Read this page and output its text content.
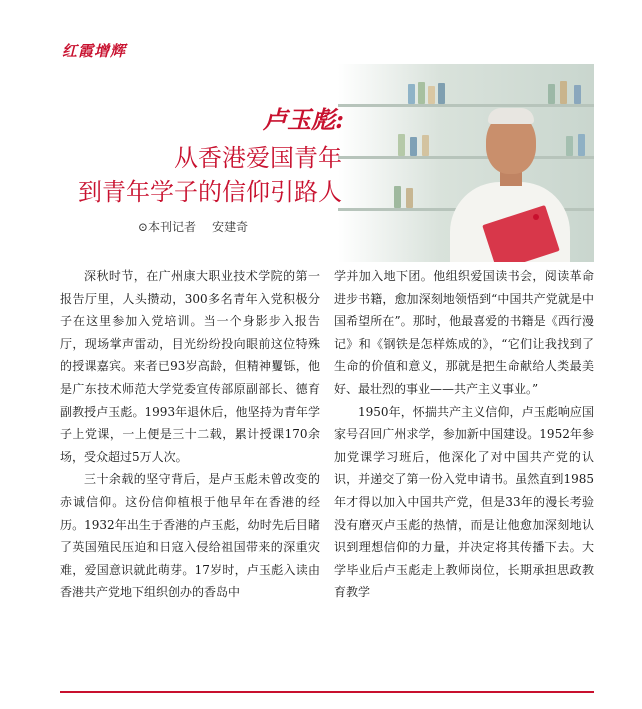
红霞增辉
卢玉彪:
从香港爱国青年
到青年学子的信仰引路人
⊙本刊记者 安建奇

深秋时节，在广州康大职业技术学院的第一报告厅里，人头攒动，300多名青年入党积极分子在这里参加入党培训。当一个身影步入报告厅，现场掌声雷动，目光纷纷投向眼前这位特殊的授课嘉宾。来者已93岁高龄，但精神矍铄，他是广东技术师范大学党委宣传部原副部长、德育副教授卢玉彪。1993年退休后，他坚持为青年学子上党课，一上便是三十二载，累计授课170余场，受众超过5万人次。

三十余载的坚守背后，是卢玉彪未曾改变的赤诚信仰。这份信仰植根于他早年在香港的经历。1932年出生于香港的卢玉彪，幼时先后目睹了英国殖民压迫和日寇入侵给祖国带来的深重灾难，爱国意识就此萌芽。17岁时，卢玉彪入读由香港共产党地下组织创办的香岛中

学并加入地下团。他组织爱国读书会，阅读革命进步书籍，愈加深刻地领悟到“中国共产党就是中国希望所在”。那时，他最喜爱的书籍是《西行漫记》和《钢铁是怎样炼成的》，“它们让我找到了生命的价值和意义，那就是把生命献给人类最美好、最壮烈的事业——共产主义事业。”

1950年，怀揣共产主义信仰，卢玉彪响应国家号召回广州求学，参加新中国建设。1952年参加党课学习班后，他深化了对中国共产党的认识，并递交了第一份入党申请书。虽然直到1985年才得以加入中国共产党，但是33年的漫长考验没有磨灭卢玉彪的热情，而是让他愈加深刻地认识到理想信仰的力量，并决定将其传播下去。大学毕业后卢玉彪走上教师岗位，长期承担思政教育教学
